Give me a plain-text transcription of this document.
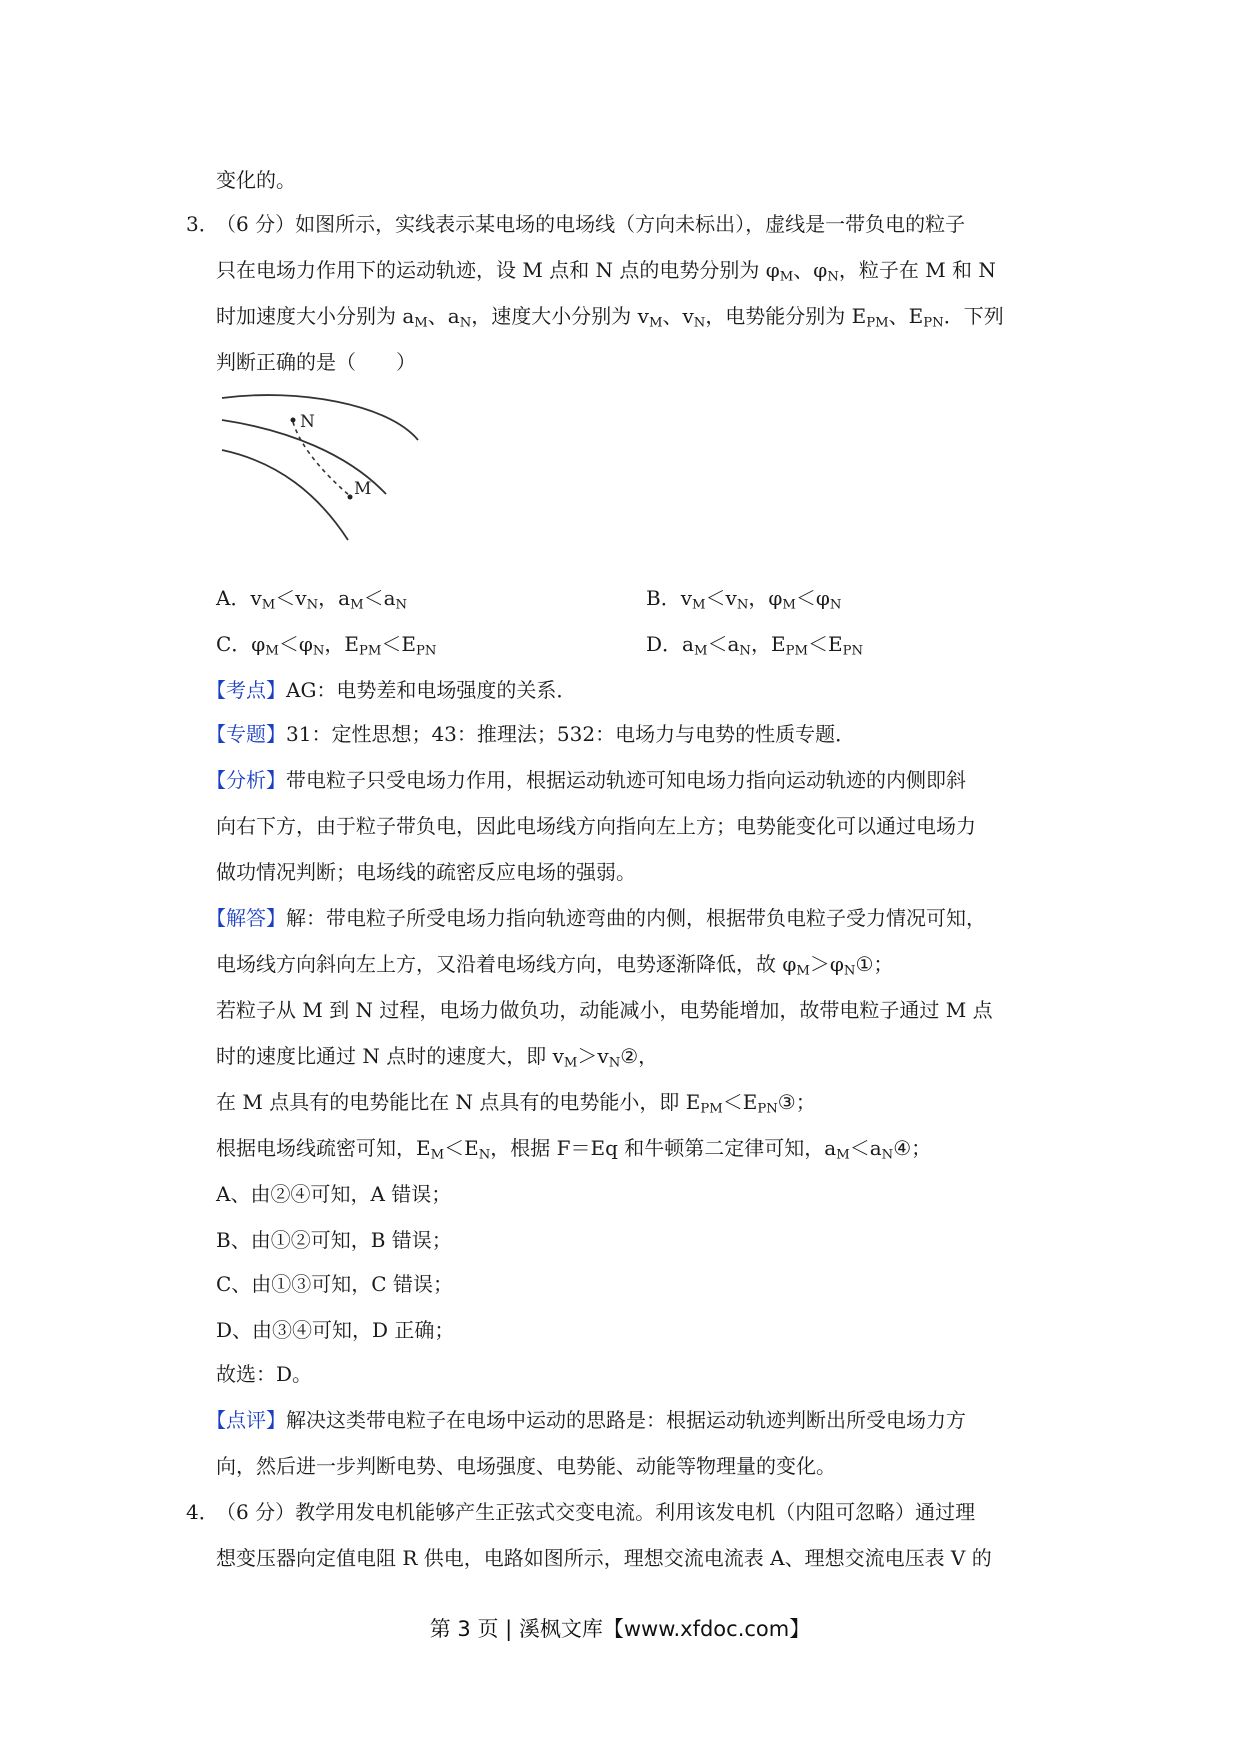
变化的。
3．
（6 分）如图所示，实线表示某电场的电场线（方向未标出），虚线是一带负电的粒子
只在电场力作用下的运动轨迹，设 M 点和 N 点的电势分别为 $\varphi_M$、$\varphi_N$，粒子在 M 和 N
时加速度大小分别为 $a_M$、$a_N$，速度大小分别为 $v_M$、$v_N$，电势能分别为 $E_{PM}$、$E_{PN}$．下列
判断正确的是（　　）
N
M
A．$v_M<v_N$，$a_M<a_N$	B．$v_M<v_N$，$\varphi_M<\varphi_N$
C．$\varphi_M<\varphi_N$，$E_{PM}<E_{PN}$	D．$a_M<a_N$，$E_{PM}<E_{PN}$
【考点】AG：电势差和电场强度的关系．
【专题】31：定性思想；43：推理法；532：电场力与电势的性质专题．
【分析】带电粒子只受电场力作用，根据运动轨迹可知电场力指向运动轨迹的内侧即斜
向右下方，由于粒子带负电，因此电场线方向指向左上方；电势能变化可以通过电场力
做功情况判断；电场线的疏密反应电场的强弱。
【解答】解：带电粒子所受电场力指向轨迹弯曲的内侧，根据带负电粒子受力情况可知，
电场线方向斜向左上方，又沿着电场线方向，电势逐渐降低，故 $\varphi_M>\varphi_N①$；
若粒子从 M 到 N 过程，电场力做负功，动能减小，电势能增加，故带电粒子通过 M 点
时的速度比通过 N 点时的速度大，即 $v_M>v_N②$，
在 M 点具有的电势能比在 N 点具有的电势能小，即 $E_{PM}<E_{PN}③$；
根据电场线疏密可知，$E_M<E_N$，根据 F＝Eq 和牛顿第二定律可知，$a_M<a_N④$；
A、由②④可知，A 错误；
B、由①②可知，B 错误；
C、由①③可知，C 错误；
D、由③④可知，D 正确；
故选：D。
【点评】解决这类带电粒子在电场中运动的思路是：根据运动轨迹判断出所受电场力方
向，然后进一步判断电势、电场强度、电势能、动能等物理量的变化。
4．
（6 分）教学用发电机能够产生正弦式交变电流。利用该发电机（内阻可忽略）通过理
想变压器向定值电阻 R 供电，电路如图所示，理想交流电流表 A、理想交流电压表 V 的
第 3 页 | 溪枫文库【www.xfdoc.com】
